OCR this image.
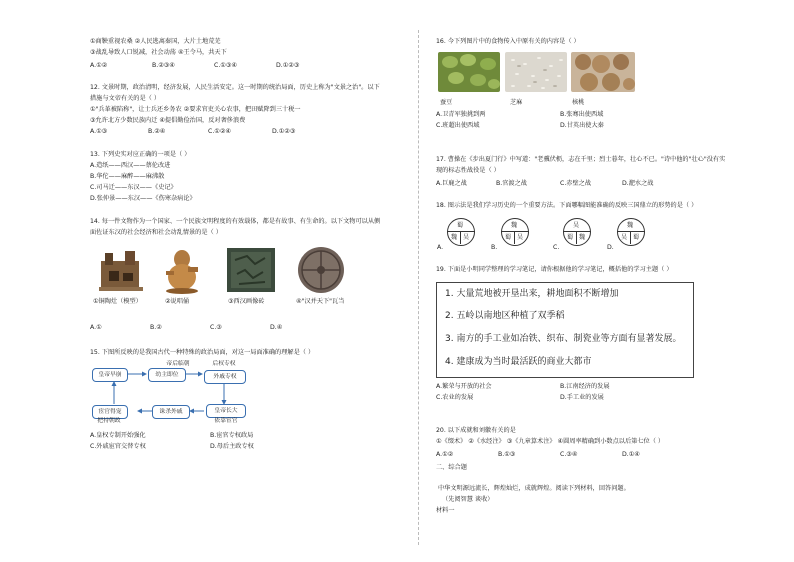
①商鞅重视农桑 ②人民逃离秦国，大片土地荒芜
③战乱导致人口锐减，社会动荡 ④王令马，共天下
A.①②	B.②③④	C.①③④	D.①②③
12. 文景时期，政治清明，经济发展，人民生活安定。这一时期的统治局面，历史上称为"文景之治"。以下
措施与文帝有关的是（ ）
①"兵革被陷称"，让士兵还乡务农 ②要求官吏关心农事，把田赋降到三十税一
③允许北方少数民族内迁 ④提倡勤俭治国，反对奢侈浪费
A.①③	B.②④	C.①②④	D.①②③
13. 下列史实对应正确的一项是（ ）
A.造纸——西汉——蔡伦改进
B.华佗——麻醉——麻沸散
C.司马迁——东汉——《史记》
D.张仲景——东汉——《伤寒杂病论》
14. 每一件文物作为一个国家、一个民族文明程度的有效载体，都是有故事、有生命的。以下文物可以从侧
面佐证东汉的社会经济和社会动乱情景的是（ ）
①铜陶灶（模型）	②说唱俑	③西汉画像砖	④"汉并天下"瓦当
A.①	B.②	C.③	D.④
15. 下图所反映的是我国古代一种特殊的政治局面，对这一局面准确的理解是（ ）
帝后临朝
皇帝早崩	幼主即位
后权专权
外戚专权
宦官得宠	诛杀外戚	皇帝长大
依靠宦官
把持朝政
A.皇权专制开始强化	B.宦官专权政局
C.外戚宦官交替专权	D.母后主政专权
16. 今下列图片中的食物传入中原有关的内容是（ ）
蚕豆	芝麻	核桃
A.卫青军独挑到两	B.张骞出使西域
C.班超出使西域	D.甘英出使大秦
17. 曹操在《步出夏门行》中写道："老骥伏枥，志在千里；烈士暮年，壮心不已。"诗中他的"壮心"没有实
现的标志性战役是（ ）
A.巨鹿之战	B.官渡之战	C.赤壁之战	D.淝水之战
18. 图示法是我们学习历史的一个重要方法。下面哪幅图能准确的反映三国鼎立的形势的是（ ）
A.
蜀
魏 吴
B.
魏
蜀 吴
C.
吴
蜀 魏
D.
魏
吴 蜀
19. 下面是小明同学整理的学习笔记，请你根据他的学习笔记，概括他的学习主题（ ）
1. 大量荒地被开垦出来，耕地面积不断增加
2. 五岭以南地区种植了双季稻
3. 南方的手工业如冶铁、织布、制瓷业等方面有显著发展。
4. 建康成为当时最活跃的商业大都市
A.繁荣与开放的社会	B.江南经济的发展
C.农业的发展	D.手工业的发展
20. 以下成就和刘徽有关的是
①《缀术》 ②《水经注》 ③《九章算术注》 ④圆周率精确到小数点以后第七位（ ）
A.①②	B.①③	C.③④	D.①④
二、综合题
中华文明源远流长，辉煌灿烂，成就辉煌。阅读下列材料，回答问题。
（先阅智慧 谈收）
材料一
